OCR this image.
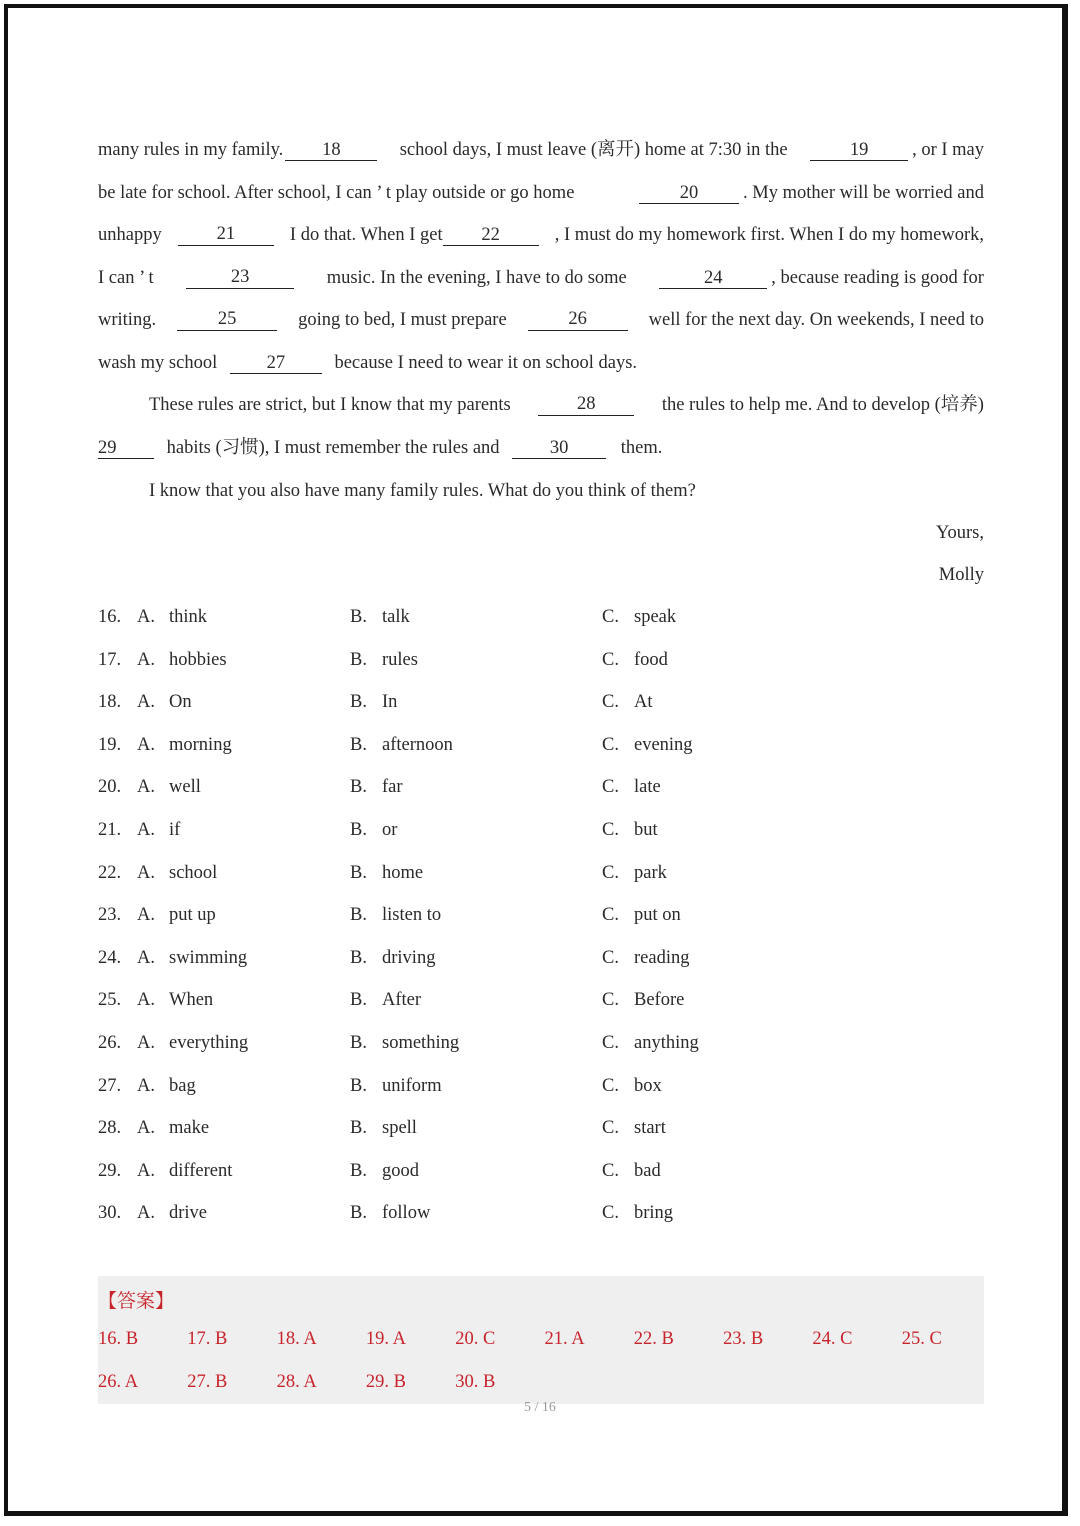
many rules in my family. 18	school days, I must leave (离开) home at 7:30 in the	19 , or I may
be late for school. After school, I can ’ t play outside or go home	20 . My mother will be worried and
unhappy	21	I do that. When I get 22	, I must do my homework first. When I do my homework,
I can ’ t	23	music. In the evening, I have to do some	24	, because reading is good for
writing.	25	going to bed, I must prepare	26	well for the next day. On weekends, I need to
wash my school	27	because I need to wear it on school days.
These rules are strict, but I know that my parents	28	the rules to help me. And to develop (培养)
29	habits (习惯), I must remember the rules and	30	them.
I know that you also have many family rules. What do you think of them?
Yours,
Molly
16. A. think	B. talk	C. speak
17. A. hobbies	B. rules	C. food
18. A. On	B. In	C. At
19. A. morning	B. afternoon	C. evening
20. A. well	B. far	C. late
21. A. if	B. or	C. but
22. A. school	B. home	C. park
23. A. put up	B. listen to	C. put on
24. A. swimming	B. driving	C. reading
25. A. When	B. After	C. Before
26. A. everything	B. something	C. anything
27. A. bag	B. uniform	C. box
28. A. make	B. spell	C. start
29. A. different	B. good	C. bad
30. A. drive	B. follow	C. bring
【答案】
16. B	17. B	18. A	19. A	20. C	21. A	22. B	23. B	24. C	25. C
26. A	27. B	28. A	29. B	30. B
5 / 16
